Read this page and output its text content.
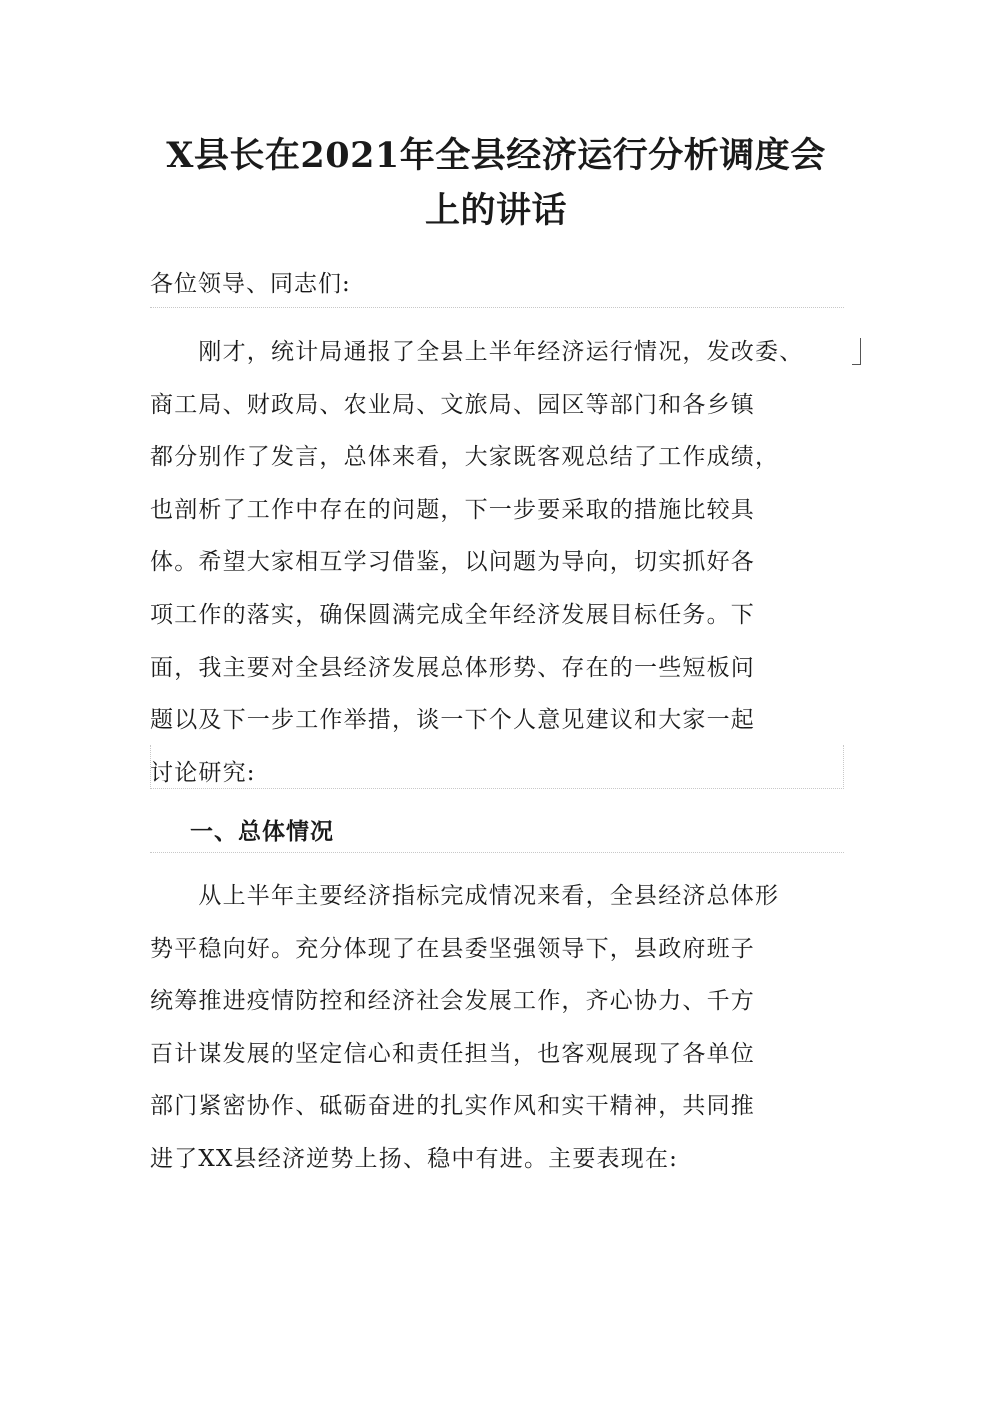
X县长在2021年全县经济运行分析调度会
上的讲话
各位领导、同志们:
　　刚才，统计局通报了全县上半年经济运行情况，发改委、
商工局、财政局、农业局、文旅局、园区等部门和各乡镇
都分别作了发言，总体来看，大家既客观总结了工作成绩，
也剖析了工作中存在的问题，下一步要采取的措施比较具
体。希望大家相互学习借鉴，以问题为导向，切实抓好各
项工作的落实，确保圆满完成全年经济发展目标任务。下
面，我主要对全县经济发展总体形势、存在的一些短板问
题以及下一步工作举措，谈一下个人意见建议和大家一起
讨论研究:
一、总体情况
　　从上半年主要经济指标完成情况来看，全县经济总体形
势平稳向好。充分体现了在县委坚强领导下，县政府班子
统筹推进疫情防控和经济社会发展工作，齐心协力、千方
百计谋发展的坚定信心和责任担当，也客观展现了各单位
部门紧密协作、砥砺奋进的扎实作风和实干精神，共同推
进了XX县经济逆势上扬、稳中有进。主要表现在:
